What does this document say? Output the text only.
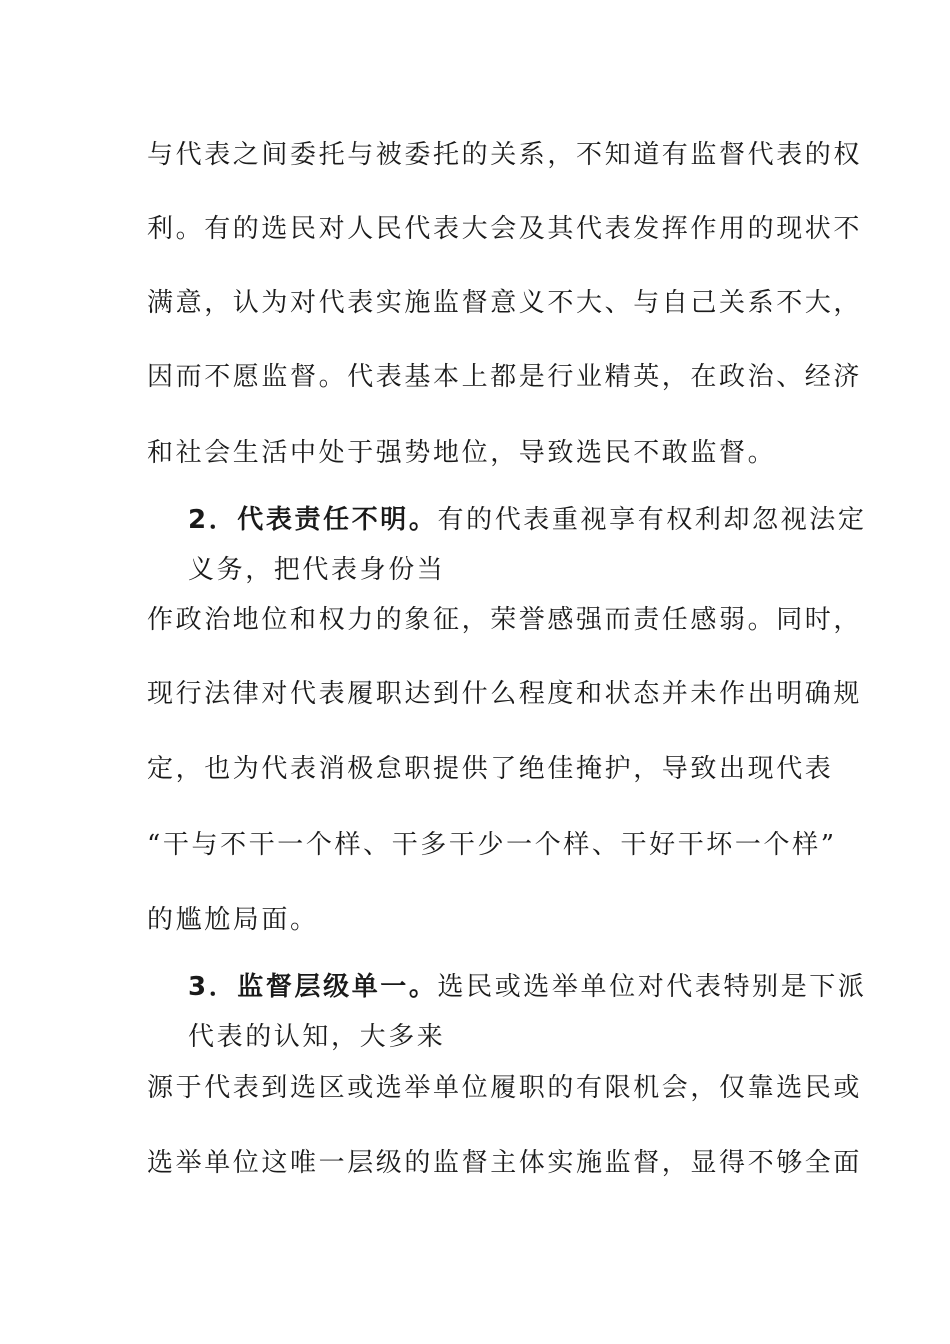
与代表之间委托与被委托的关系，不知道有监督代表的权
利。有的选民对人民代表大会及其代表发挥作用的现状不
满意，认为对代表实施监督意义不大、与自己关系不大，
因而不愿监督。代表基本上都是行业精英，在政治、经济
和社会生活中处于强势地位，导致选民不敢监督。
2．代表责任不明。有的代表重视享有权利却忽视法定
义务，把代表身份当
作政治地位和权力的象征，荣誉感强而责任感弱。同时，
现行法律对代表履职达到什么程度和状态并未作出明确规
定，也为代表消极怠职提供了绝佳掩护，导致出现代表
“干与不干一个样、干多干少一个样、干好干坏一个样”
的尴尬局面。
3．监督层级单一。选民或选举单位对代表特别是下派
代表的认知，大多来
源于代表到选区或选举单位履职的有限机会，仅靠选民或
选举单位这唯一层级的监督主体实施监督，显得不够全面
